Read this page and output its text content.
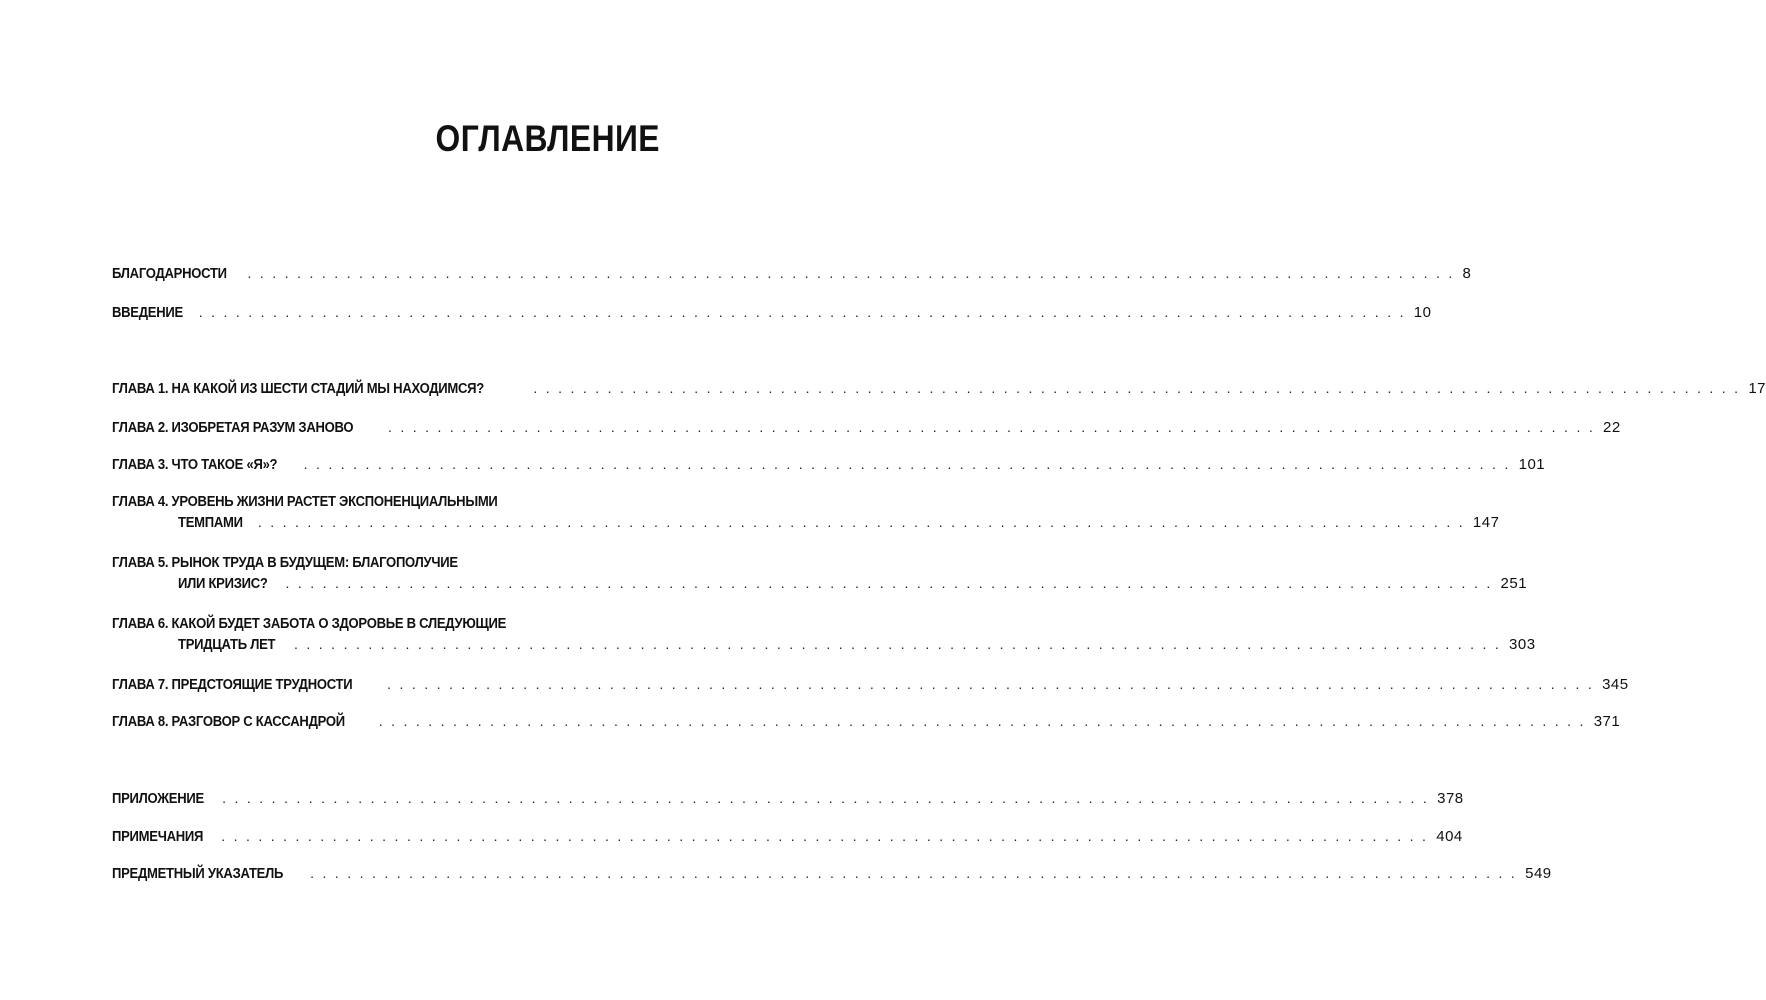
ОГЛАВЛЕНИЕ
БЛАГОДАРНОСТИ . . . . . . . . . . . . . . . . . . . . . . . . . . . . . . . . . . . . . . . . . . . . . . . . . . . . . . . . . . . . . . . . . . . . . . . . . . . . . . . . . . . . . . . . . . . . . . . . . . 8
ВВЕДЕНИЕ . . . . . . . . . . . . . . . . . . . . . . . . . . . . . . . . . . . . . . . . . . . . . . . . . . . . . . . . . . . . . . . . . . . . . . . . . . . . . . . . . . . . . . . . . . . . . . . . . . 10
ГЛАВА 1. НА КАКОЙ ИЗ ШЕСТИ СТАДИЙ МЫ НАХОДИМСЯ?	. . . . . . . . . . . . . . . . . . . . . . . . . . . . . . . . . . . . . . . . . . . . . . . . . . . . . . . . . . . . . . . . . . . . . . . . . . . . . . . . . . . . . . . . . . . . . . . . . . 17
ГЛАВА 2. ИЗОБРЕТАЯ РАЗУМ ЗАНОВО . . . . . . . . . . . . . . . . . . . . . . . . . . . . . . . . . . . . . . . . . . . . . . . . . . . . . . . . . . . . . . . . . . . . . . . . . . . . . . . . . . . . . . . . . . . . . . . . . . 22
ГЛАВА 3. ЧТО ТАКОЕ «Я»? . . . . . . . . . . . . . . . . . . . . . . . . . . . . . . . . . . . . . . . . . . . . . . . . . . . . . . . . . . . . . . . . . . . . . . . . . . . . . . . . . . . . . . . . . . . . . . . . . . 101
ГЛАВА 4. УРОВЕНЬ ЖИЗНИ РАСТЕТ ЭКСПОНЕНЦИАЛЬНЫМИ
ТЕМПАМИ . . . . . . . . . . . . . . . . . . . . . . . . . . . . . . . . . . . . . . . . . . . . . . . . . . . . . . . . . . . . . . . . . . . . . . . . . . . . . . . . . . . . . . . . . . . . . . . . . . 147
ГЛАВА 5. РЫНОК ТРУДА В БУДУЩЕМ: БЛАГОПОЛУЧИЕ
ИЛИ КРИЗИС? . . . . . . . . . . . . . . . . . . . . . . . . . . . . . . . . . . . . . . . . . . . . . . . . . . . . . . . . . . . . . . . . . . . . . . . . . . . . . . . . . . . . . . . . . . . . . . . . . . 251
ГЛАВА 6. КАКОЙ БУДЕТ ЗАБОТА О ЗДОРОВЬЕ В СЛЕДУЮЩИЕ
ТРИДЦАТЬ ЛЕТ . . . . . . . . . . . . . . . . . . . . . . . . . . . . . . . . . . . . . . . . . . . . . . . . . . . . . . . . . . . . . . . . . . . . . . . . . . . . . . . . . . . . . . . . . . . . . . . . . . 303
ГЛАВА 7. ПРЕДСТОЯЩИЕ ТРУДНОСТИ . . . . . . . . . . . . . . . . . . . . . . . . . . . . . . . . . . . . . . . . . . . . . . . . . . . . . . . . . . . . . . . . . . . . . . . . . . . . . . . . . . . . . . . . . . . . . . . . . . 345
ГЛАВА 8. РАЗГОВОР С КАССАНДРОЙ . . . . . . . . . . . . . . . . . . . . . . . . . . . . . . . . . . . . . . . . . . . . . . . . . . . . . . . . . . . . . . . . . . . . . . . . . . . . . . . . . . . . . . . . . . . . . . . . . . 371
ПРИЛОЖЕНИЕ . . . . . . . . . . . . . . . . . . . . . . . . . . . . . . . . . . . . . . . . . . . . . . . . . . . . . . . . . . . . . . . . . . . . . . . . . . . . . . . . . . . . . . . . . . . . . . . . . . 378
ПРИМЕЧАНИЯ . . . . . . . . . . . . . . . . . . . . . . . . . . . . . . . . . . . . . . . . . . . . . . . . . . . . . . . . . . . . . . . . . . . . . . . . . . . . . . . . . . . . . . . . . . . . . . . . . . 404
ПРЕДМЕТНЫЙ УКАЗАТЕЛЬ . . . . . . . . . . . . . . . . . . . . . . . . . . . . . . . . . . . . . . . . . . . . . . . . . . . . . . . . . . . . . . . . . . . . . . . . . . . . . . . . . . . . . . . . . . . . . . . . . . 549
